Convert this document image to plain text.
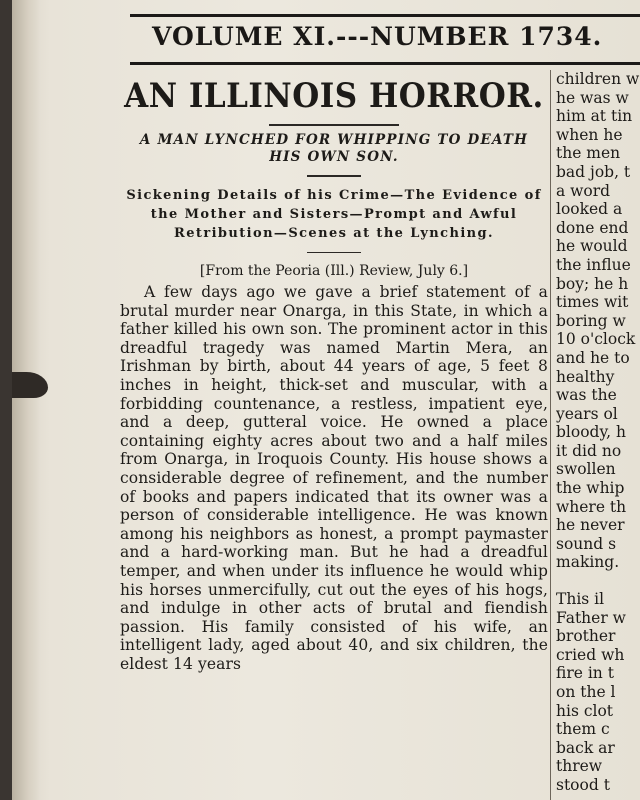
VOLUME XI.---NUMBER 1734.
AN ILLINOIS HORROR.
A MAN LYNCHED FOR WHIPPING TO DEATH HIS OWN SON.
Sickening Details of his Crime—The Evidence of the Mother and Sisters—Prompt and Awful Retribution—Scenes at the Lynching.
[From the Peoria (Ill.) Review, July 6.]

A few days ago we gave a brief statement of a brutal murder near Onarga, in this State, in which a father killed his own son. The prominent actor in this dreadful tragedy was named Martin Mera, an Irishman by birth, about 44 years of age, 5 feet 8 inches in height, thick-set and muscular, with a forbidding countenance, a restless, impatient eye, and a deep, gutteral voice. He owned a place containing eighty acres about two and a half miles from Onarga, in Iroquois County. His house shows a considerable degree of refinement, and the number of books and papers indicated that its owner was a person of considerable intelligence. He was known among his neighbors as honest, a prompt paymaster and a hard-working man. But he had a dreadful temper, and when under its influence he would whip his horses unmercifully, cut out the eyes of his hogs, and indulge in other acts of brutal and fiendish passion. His family consisted of his wife, an intelligent lady, aged about 40, and six children, the eldest 14 years

children w

he was w

him at tin

when he

the men

bad job, t

a word

looked a

done end

he would

the influe

boy; he h

times wit

boring w

10 o'clock

and he to

healthy

was the

years ol

bloody, h

it did no

swollen

the whip

where th

he never

sound s

making.

This il

Father w

brother

cried wh

fire in t

on the l

his clot

them c

back ar

threw

stood t
